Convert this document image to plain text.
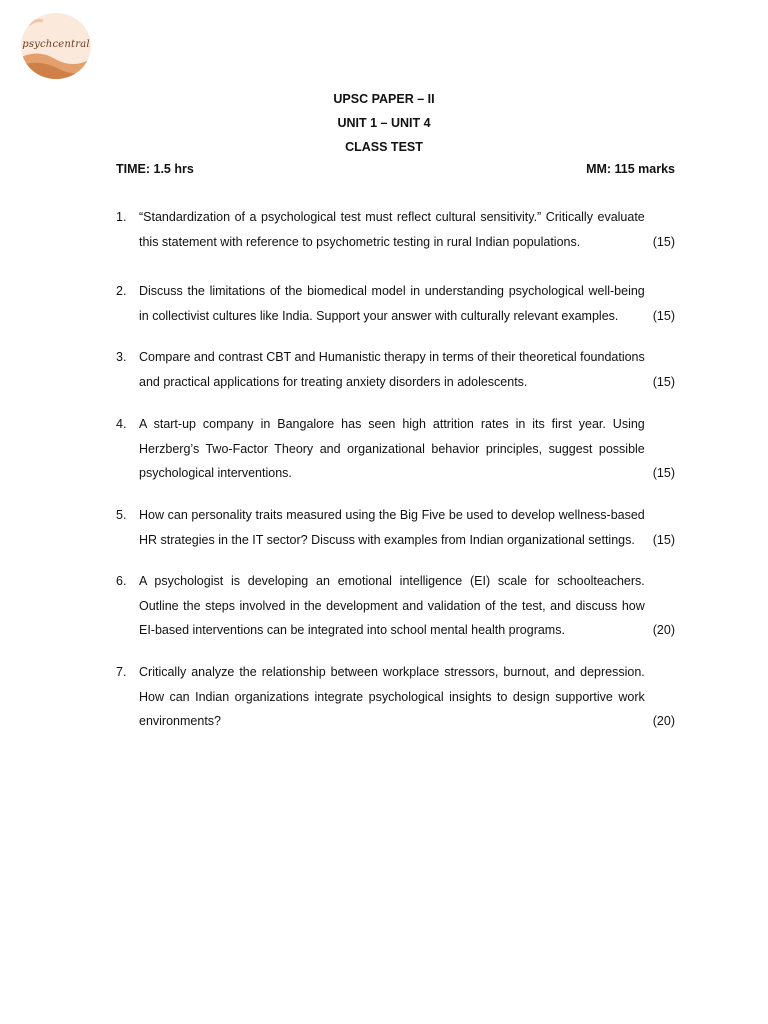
psychcentral
UPSC PAPER – II
UNIT 1 – UNIT 4
CLASS TEST
TIME: 1.5 hrs	MM: 115 marks
1.
(15)
“Standardization of a psychological test must reflect cultural sensitivity.” Critically evaluate this statement with reference to psychometric testing in rural Indian populations.
2.
(15)
Discuss the limitations of the biomedical model in understanding psychological well-being in collectivist cultures like India. Support your answer with culturally relevant examples.
3.
(15)
Compare and contrast CBT and Humanistic therapy in terms of their theoretical foundations and practical applications for treating anxiety disorders in adolescents.
4.
(15)
A start-up company in Bangalore has seen high attrition rates in its first year. Using Herzberg’s Two-Factor Theory and organizational behavior principles, suggest possible psychological interventions.
5.
(15)
How can personality traits measured using the Big Five be used to develop wellness-based HR strategies in the IT sector? Discuss with examples from Indian organizational settings.
6.
(20)
A psychologist is developing an emotional intelligence (EI) scale for schoolteachers. Outline the steps involved in the development and validation of the test, and discuss how EI-based interventions can be integrated into school mental health programs.
7.
(20)
Critically analyze the relationship between workplace stressors, burnout, and depression. How can Indian organizations integrate psychological insights to design supportive work environments?
